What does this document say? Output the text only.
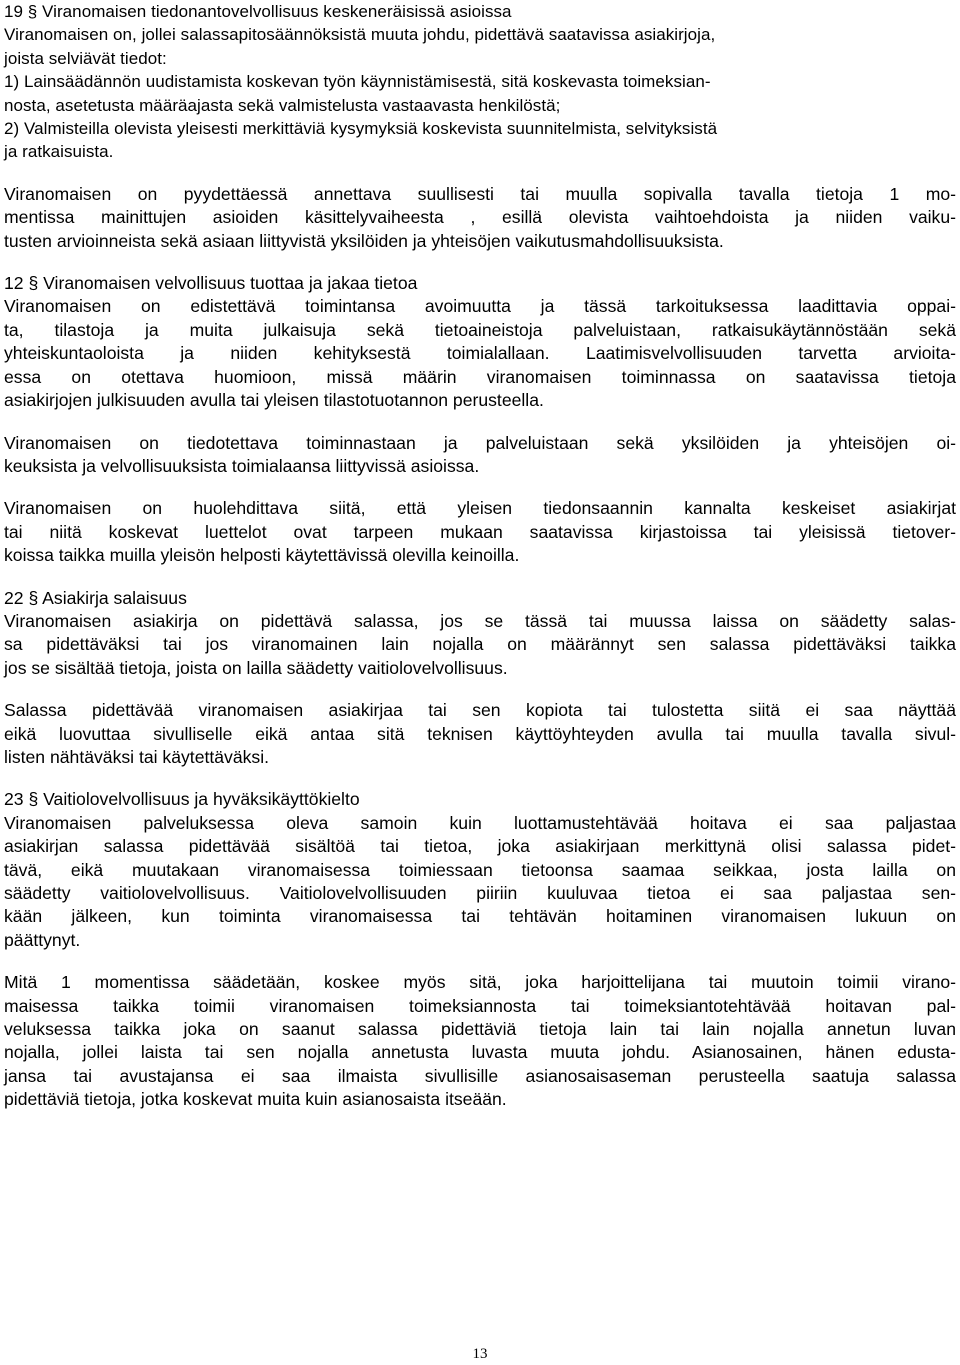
19 § Viranomaisen tiedonantovelvollisuus keskeneräisissä asioissa
Viranomaisen on, jollei salassapitosäännöksistä muuta johdu, pidettävä saatavissa asiakirjoja,
joista selviävät tiedot:
1) Lainsäädännön uudistamista koskevan työn käynnistämisestä, sitä koskevasta toimeksian-
nosta, asetetusta määräajasta sekä valmistelusta vastaavasta henkilöstä;
2) Valmisteilla olevista yleisesti merkittäviä kysymyksiä koskevista suunnitelmista, selvityksistä
ja ratkaisuista.

Viranomaisen on pyydettäessä annettava suullisesti tai muulla sopivalla tavalla tietoja 1 mo-
mentissa mainittujen asioiden käsittelyvaiheesta , esillä olevista vaihtoehdoista ja niiden vaiku-
tusten arvioinneista sekä asiaan liittyvistä yksilöiden ja yhteisöjen vaikutusmahdollisuuksista.

12 § Viranomaisen velvollisuus tuottaa ja jakaa tietoa
Viranomaisen on edistettävä toimintansa avoimuutta ja tässä tarkoituksessa laadittavia oppai-
ta, tilastoja ja muita julkaisuja sekä tietoaineistoja palveluistaan, ratkaisukäytännöstään sekä
yhteiskuntaoloista ja niiden kehityksestä toimialallaan. Laatimisvelvollisuuden tarvetta arvioita-
essa on otettava huomioon, missä määrin viranomaisen toiminnassa on saatavissa tietoja
asiakirjojen julkisuuden avulla tai yleisen tilastotuotannon perusteella.

Viranomaisen on tiedotettava toiminnastaan ja palveluistaan sekä yksilöiden ja yhteisöjen oi-
keuksista ja velvollisuuksista toimialaansa liittyvissä asioissa.

Viranomaisen on huolehdittava siitä, että yleisen tiedonsaannin kannalta keskeiset asiakirjat
tai niitä koskevat luettelot ovat tarpeen mukaan saatavissa kirjastoissa tai yleisissä tietover-
koissa taikka muilla yleisön helposti käytettävissä olevilla keinoilla.

22 § Asiakirja salaisuus
Viranomaisen asiakirja on pidettävä salassa, jos se tässä tai muussa laissa on säädetty salas-
sa pidettäväksi tai jos viranomainen lain nojalla on määrännyt sen salassa pidettäväksi taikka
jos se sisältää tietoja, joista on lailla säädetty vaitiolovelvollisuus.

Salassa pidettävää viranomaisen asiakirjaa tai sen kopiota tai tulostetta siitä ei saa näyttää
eikä luovuttaa sivulliselle eikä antaa sitä teknisen käyttöyhteyden avulla tai muulla tavalla sivul-
listen nähtäväksi tai käytettäväksi.

23 § Vaitiolovelvollisuus ja hyväksikäyttökielto
Viranomaisen palveluksessa oleva samoin kuin luottamustehtävää hoitava ei saa paljastaa
asiakirjan salassa pidettävää sisältöä tai tietoa, joka asiakirjaan merkittynä olisi salassa pidet-
tävä, eikä muutakaan viranomaisessa toimiessaan tietoonsa saamaa seikkaa, josta lailla on
säädetty vaitiolovelvollisuus. Vaitiolovelvollisuuden piiriin kuuluvaa tietoa ei saa paljastaa sen-
kään jälkeen, kun toiminta viranomaisessa tai tehtävän hoitaminen viranomaisen lukuun on
päättynyt.

Mitä 1 momentissa säädetään, koskee myös sitä, joka harjoittelijana tai muutoin toimii virano-
maisessa taikka toimii viranomaisen toimeksiannosta tai toimeksiantotehtävää hoitavan pal-
veluksessa taikka joka on saanut salassa pidettäviä tietoja lain tai lain nojalla annetun luvan
nojalla, jollei laista tai sen nojalla annetusta luvasta muuta johdu. Asianosainen, hänen edusta-
jansa tai avustajansa ei saa ilmaista sivullisille asianosaisaseman perusteella saatuja salassa
pidettäviä tietoja, jotka koskevat muita kuin asianosaista itseään.

13
